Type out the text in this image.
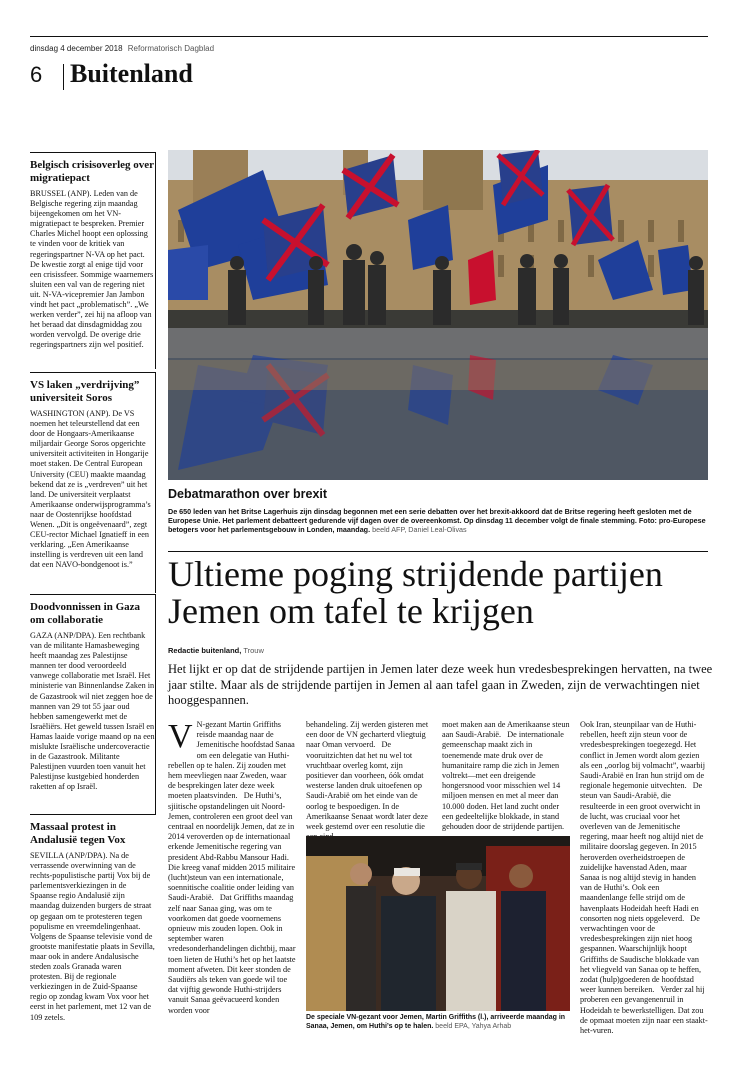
dinsdag 4 december 2018 Reformatorisch Dagblad
6 Buitenland
Belgisch crisisoverleg over migratiepact
BRUSSEL (ANP). Leden van de Belgische regering zijn maandag bijeengekomen om het VN-migratiepact te bespreken. Premier Charles Michel hoopt een oplossing te vinden voor de kritiek van regeringspartner N-VA op het pact. De kwestie zorgt al enige tijd voor een crisissfeer. Sommige waarnemers sluiten een val van de regering niet uit. N-VA-vicepremier Jan Jambon vindt het pact „problematisch”. „We werken verder”, zei hij na afloop van het beraad dat dinsdagmiddag zou worden vervolgd. De overige drie regeringspartners zijn wel positief.
VS laken „verdrijving” universiteit Soros
WASHINGTON (ANP). De VS noemen het teleurstellend dat een door de Hongaars-Amerikaanse miljardair George Soros opgerichte universiteit activiteiten in Hongarije moet staken. De Central European University (CEU) maakte maandag bekend dat ze is „verdreven” uit het land. De universiteit verplaatst Amerikaanse onderwijsprogramma’s naar de Oostenrijkse hoofdstad Wenen. „Dit is ongeëvenaard”, zegt CEU-rector Michael Ignatieff in een verklaring. „Een Amerikaanse instelling is verdreven uit een land dat een NAVO-bondgenoot is.”
Doodvonnissen in Gaza om collaboratie
GAZA (ANP/DPA). Een rechtbank van de militante Hamasbeweging heeft maandag zes Palestijnse mannen ter dood veroordeeld vanwege collaboratie met Israël. Het ministerie van Binnenlandse Zaken in de Gazastrook wil niet zeggen hoe de mannen van 29 tot 55 jaar oud hebben samengewerkt met de Israëliërs. Het geweld tussen Israël en Hamas laaide vorige maand op na een mislukte Israëlische undercoveractie in de Gazastrook. Militante Palestijnen vuurden toen vanuit het Palestijnse kustgebied honderden raketten af op Israël.
Massaal protest in Andalusië tegen Vox
SEVILLA (ANP/DPA). Na de verrassende overwinning van de rechts-populistische partij Vox bij de parlementsverkiezingen in de Spaanse regio Andalusië zijn maandag duizenden burgers de straat op gegaan om te protesteren tegen populisme en vreemdelingenhaat. Volgens de Spaanse televisie vond de grootste manifestatie plaats in Sevilla, maar ook in andere Andalusische steden zoals Granada waren protesten. Bij de regionale verkiezingen in de Zuid-Spaanse regio op zondag kwam Vox voor het eerst in het parlement, met 12 van de 109 zetels.
Debatmarathon over brexit
De 650 leden van het Britse Lagerhuis zijn dinsdag begonnen met een serie debatten over het brexit-akkoord dat de Britse regering heeft gesloten met de Europese Unie. Het parlement debatteert gedurende vijf dagen over de overeenkomst. Op dinsdag 11 december volgt de finale stemming. Foto: pro-Europese betogers voor het parlementsgebouw in Londen, maandag. beeld AFP, Daniel Leal-Olivas
Ultieme poging strijdende partijen Jemen om tafel te krijgen
Redactie buitenland, Trouw
Het lijkt er op dat de strijdende partijen in Jemen later deze week hun vredesbesprekingen hervatten, na twee jaar stilte. Maar als de strijdende partijen in Jemen al aan tafel gaan in Zweden, zijn de verwachtingen niet hooggespannen.
V N-gezant Martin Griffiths reisde maandag naar de Jemenitische hoofdstad Sanaa om een delegatie van Huthi-rebellen op te halen. Zij zouden met hem meevliegen naar Zweden, waar de besprekingen later deze week moeten plaatsvinden.   De Huthi’s, sjiitische opstandelingen uit Noord-Jemen, controleren een groot deel van centraal en noordelijk Jemen, dat ze in 2014 veroverden op de internationaal erkende Jemenitische regering van president Abd-Rabbu Mansour Hadi. Die kreeg vanaf midden 2015 militaire (lucht)steun van een internationale, soennitische coalitie onder leiding van Saudi-Arabië.   Dat Griffiths maandag zelf naar Sanaa ging, was om te voorkomen dat goede voornemens opnieuw mis zouden lopen. Ook in september waren vredesonderhandelingen dichtbij, maar toen lieten de Huthi’s het op het laatste moment afweten. Dit keer stonden de Saudiërs als teken van goede wil toe dat vijftig gewonde Huthi-strijders vanuit Sanaa geëvacueerd konden worden voor

behandeling. Zij werden gisteren met een door de VN gecharterd vliegtuig naar Oman vervoerd.   De vooruitzichten dat het nu wel tot vruchtbaar overleg komt, zijn positiever dan voorheen, óók omdat westerse landen druk uitoefenen op Saudi-Arabië om het einde van de oorlog te bespoedigen. In de Amerikaanse Senaat wordt later deze week gestemd over een resolutie die

moet maken aan de Amerikaanse steun aan Saudi-Arabië.   De internationale gemeenschap maakt zich in toenemende mate druk over de humanitaire ramp die zich in Jemen voltrekt—met een dreigende hongersnood voor misschien wel 14 miljoen mensen en met al meer dan 10.000 doden. Het land zucht onder een gedeeltelijke blokkade, in stand gehouden door de strijdende partijen.

Ook Iran, steunpilaar van de Huthi-rebellen, heeft zijn steun voor de vredesbesprekingen toegezegd. Het conflict in Jemen wordt alom gezien als een „oorlog bij volmacht”, waarbij Saudi-Arabië en Iran hun strijd om de regionale hegemonie uitvechten.   De steun van Saudi-Arabië, die resulteerde in een groot overwicht in de lucht, was cruciaal voor het overleven van de Jemenitische regering, maar heeft nog altijd niet de militaire doorslag gegeven. In 2015 heroverden overheidstroepen de zuidelijke havenstad Aden, maar Sanaa is nog altijd stevig in handen van de Huthi’s. Ook een maandenlange felle strijd om de havenplaats Hodeidah heeft Hadi en consorten nog niets opgeleverd.   De verwachtingen voor de vredesbesprekingen zijn niet hoog gespannen. Waarschijnlijk hoopt Griffiths de Saudische blokkade van het vliegveld van Sanaa op te heffen, zodat (hulp)goederen de hoofdstad weer kunnen bereiken.   Verder zal hij proberen een gevangenenruil in Hodeidah te bewerkstelligen. Dat zou de opmaat moeten zijn naar een staakt-het-vuren.

De speciale VN-gezant voor Jemen, Martin Griffiths (l.), arriveerde maandag in Sanaa, Jemen, om Huthi’s op te halen. beeld EPA, Yahya Arhab
